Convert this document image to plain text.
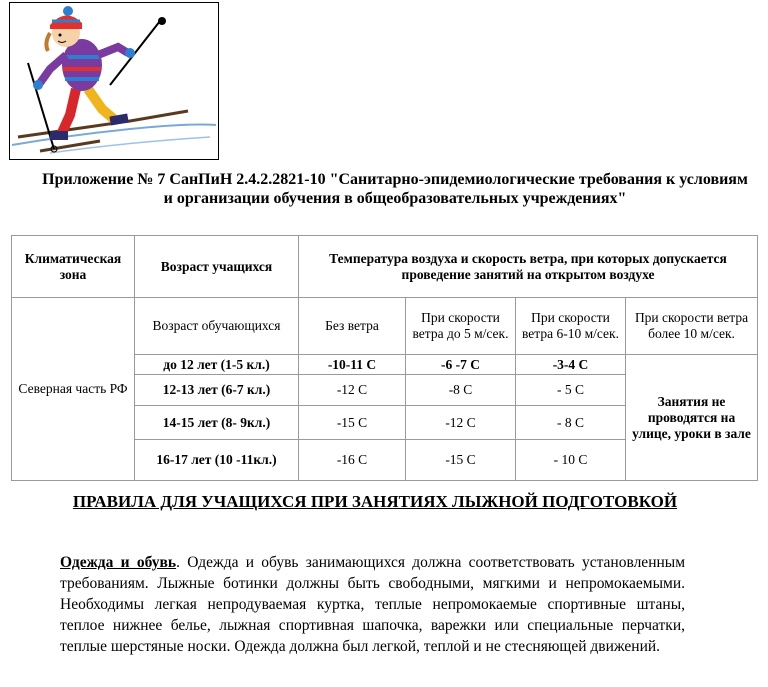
Приложение № 7 СанПиН 2.4.2.2821-10 "Санитарно-эпидемиологические требования к условиям и организации обучения в общеобразовательных учреждениях"
Климатическая зона	Возраст учащихся	Температура воздуха и скорость ветра, при которых допускается проведение занятий на открытом воздухе			
Северная часть РФ	Возраст обучающихся	Без ветра	При скорости ветра до 5 м/сек.	При скорости ветра 6-10 м/сек.	При скорости ветра более 10 м/сек.
	до 12 лет (1-5 кл.)	-10-11 С	-6 -7 С	-3-4 С	Занятия не проводятся на улице, уроки в зале
	12-13 лет (6-7 кл.)	-12 С	-8 С	- 5 С	
	14-15 лет (8- 9кл.)	-15 С	-12 С	- 8 С	
	16-17 лет (10 -11кл.)	-16 С	-15 С	- 10 С	
ПРАВИЛА ДЛЯ УЧАЩИХСЯ ПРИ ЗАНЯТИЯХ ЛЫЖНОЙ ПОДГОТОВКОЙ

Одежда и обувь. Одежда и обувь занимающихся должна соответствовать установленным требованиям. Лыжные ботинки должны быть свободными, мягкими и непромокаемыми. Необходимы легкая непродуваемая куртка, теплые непромокаемые спортивные штаны, теплое нижнее белье, лыжная спортивная шапочка, варежки или специальные перчатки, теплые шерстяные носки. Одежда должна был легкой, теплой и не стесняющей движений.
